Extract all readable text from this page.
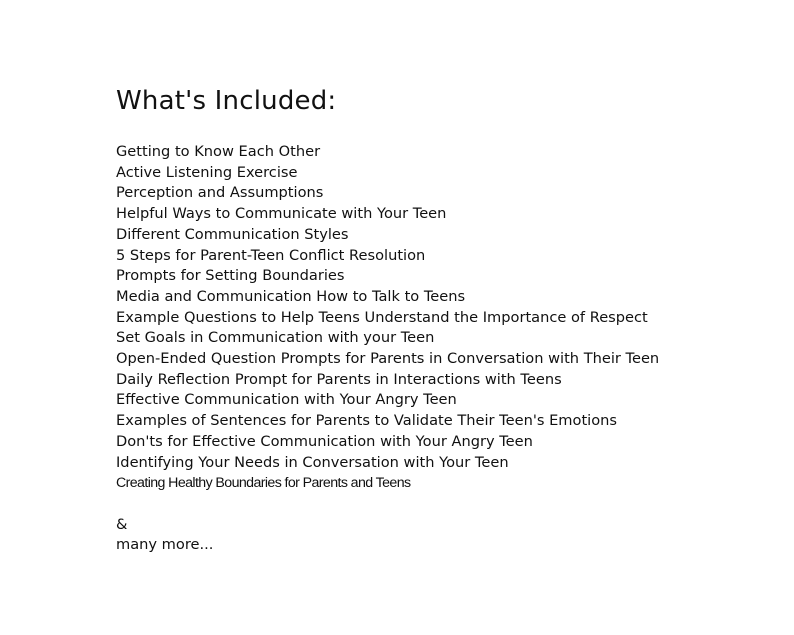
What's Included:
Getting to Know Each Other
Active Listening Exercise
Perception and Assumptions
Helpful Ways to Communicate with Your Teen
Different Communication Styles
5 Steps for Parent-Teen Conflict Resolution
Prompts for Setting Boundaries
Media and Communication How to Talk to Teens
Example Questions to Help Teens Understand the Importance of Respect
Set Goals in Communication with your Teen
Open-Ended Question Prompts for Parents in Conversation with Their Teen
Daily Reflection Prompt for Parents in Interactions with Teens
Effective Communication with Your Angry Teen
Examples of Sentences for Parents to Validate Their Teen's Emotions
Don'ts for Effective Communication with Your Angry Teen
Identifying Your Needs in Conversation with Your Teen
Creating Healthy Boundaries for Parents and Teens
&
many more...
